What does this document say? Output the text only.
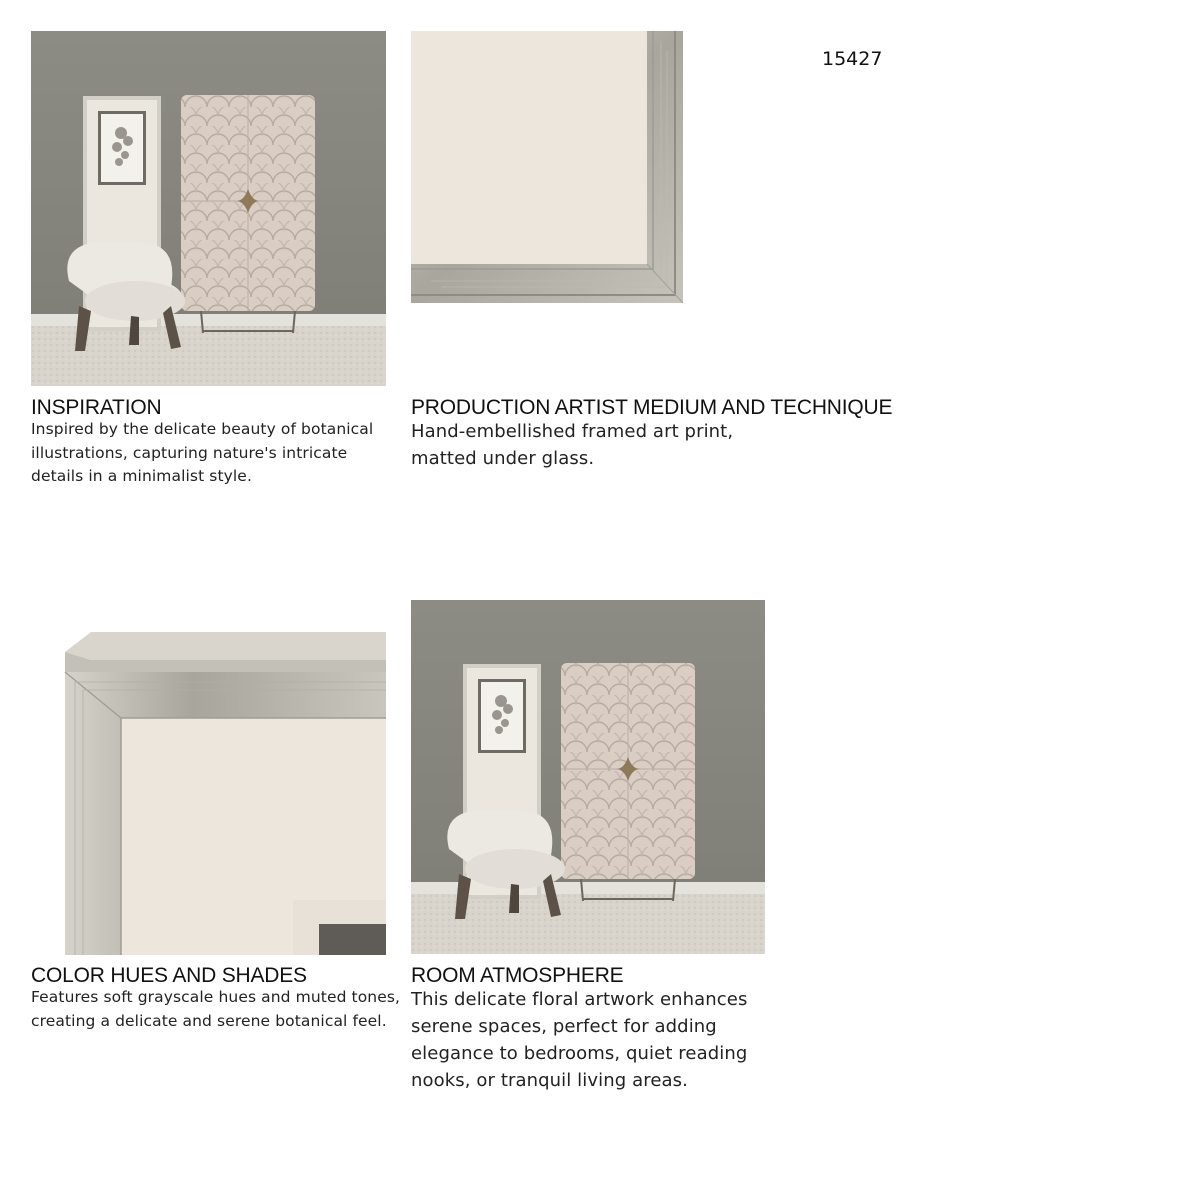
15427
INSPIRATION
Inspired by the delicate beauty of botanical
illustrations, capturing nature's intricate
details in a minimalist style.
PRODUCTION ARTIST MEDIUM AND TECHNIQUE
Hand-embellished framed art print,
matted under glass.
COLOR HUES AND SHADES
Features soft grayscale hues and muted tones,
creating a delicate and serene botanical feel.
ROOM ATMOSPHERE
This delicate floral artwork enhances
serene spaces, perfect for adding
elegance to bedrooms, quiet reading
nooks, or tranquil living areas.
